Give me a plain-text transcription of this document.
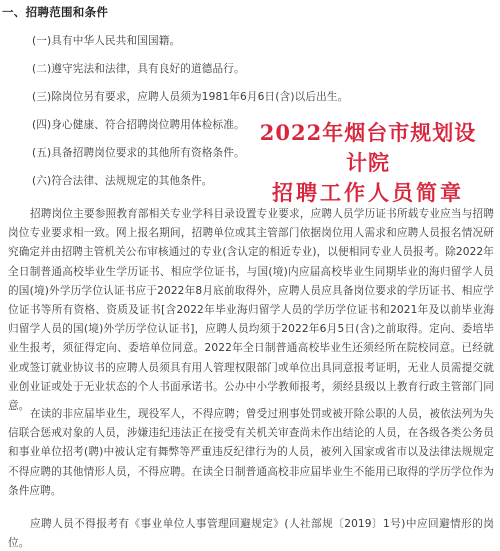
一、招聘范围和条件
(一)具有中华人民共和国国籍。
(二)遵守宪法和法律，具有良好的道德品行。
(三)除岗位另有要求，应聘人员须为1981年6月6日(含)以后出生。
(四)身心健康、符合招聘岗位聘用体检标准。
(五)具备招聘岗位要求的其他所有资格条件。
(六)符合法律、法规规定的其他条件。
2022年烟台市规划设计院
招聘工作人员简章

招聘岗位主要参照教育部相关专业学科目录设置专业要求，应聘人员学历证书所载专业应当与招聘岗位专业要求相一致。网上报名期间，招聘单位或其主管部门依据岗位用人需求和应聘人员报名情况研究确定并由招聘主管机关公布审核通过的专业(含认定的相近专业)，以便相同专业人员报考。除2022年全日制普通高校毕业生学历证书、相应学位证书，与国(境)内应届高校毕业生同期毕业的海归留学人员的国(境)外学历学位认证书应于2022年8月底前取得外，应聘人员应具备岗位要求的学历证书、相应学位证书等所有资格、资质及证书[含2022年毕业海归留学人员的学历学位证书和2021年及以前毕业海归留学人员的国(境)外学历学位认证书]，应聘人员均须于2022年6月5日(含)之前取得。定向、委培毕业生报考，须征得定向、委培单位同意。2022年全日制普通高校毕业生还须经所在院校同意。已经就业或签订就业协议书的应聘人员须具有用人管理权限部门或单位出具同意报考证明，无业人员需提交就业创业证或处于无业状态的个人书面承诺书。公办中小学教师报考，须经县级以上教育行政主管部门同意。

在读的非应届毕业生，现役军人，不得应聘；曾受过刑事处罚或被开除公职的人员，被依法列为失信联合惩戒对象的人员，涉嫌违纪违法正在接受有关机关审查尚未作出结论的人员，在各级各类公务员和事业单位招考(聘)中被认定有舞弊等严重违反纪律行为的人员，被列入国家或省市以及法律法规规定不得应聘的其他情形人员，不得应聘。在读全日制普通高校非应届毕业生不能用已取得的学历学位作为条件应聘。

应聘人员不得报考有《事业单位人事管理回避规定》(人社部规〔2019〕1号)中应回避情形的岗位。
